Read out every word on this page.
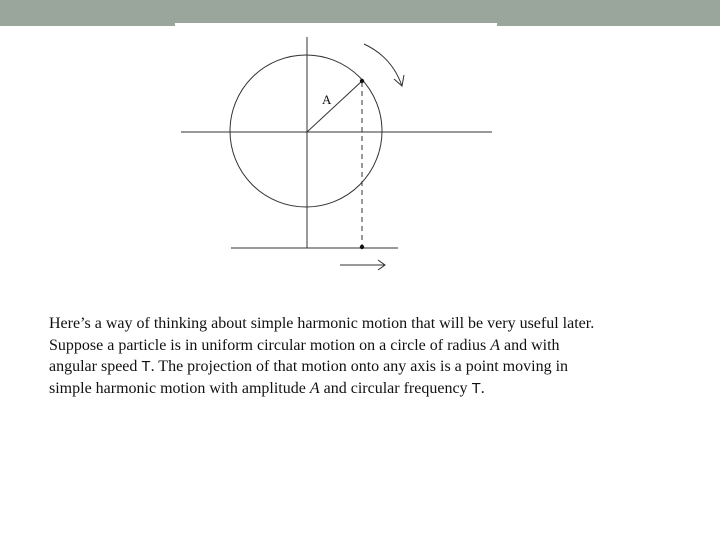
A

Here’s a way of thinking about simple harmonic motion that will be very useful later.
Suppose a particle is in uniform circular motion on a circle of radius A and with
angular speed T. The projection of that motion onto any axis is a point moving in
simple harmonic motion with amplitude A and circular frequency T.
